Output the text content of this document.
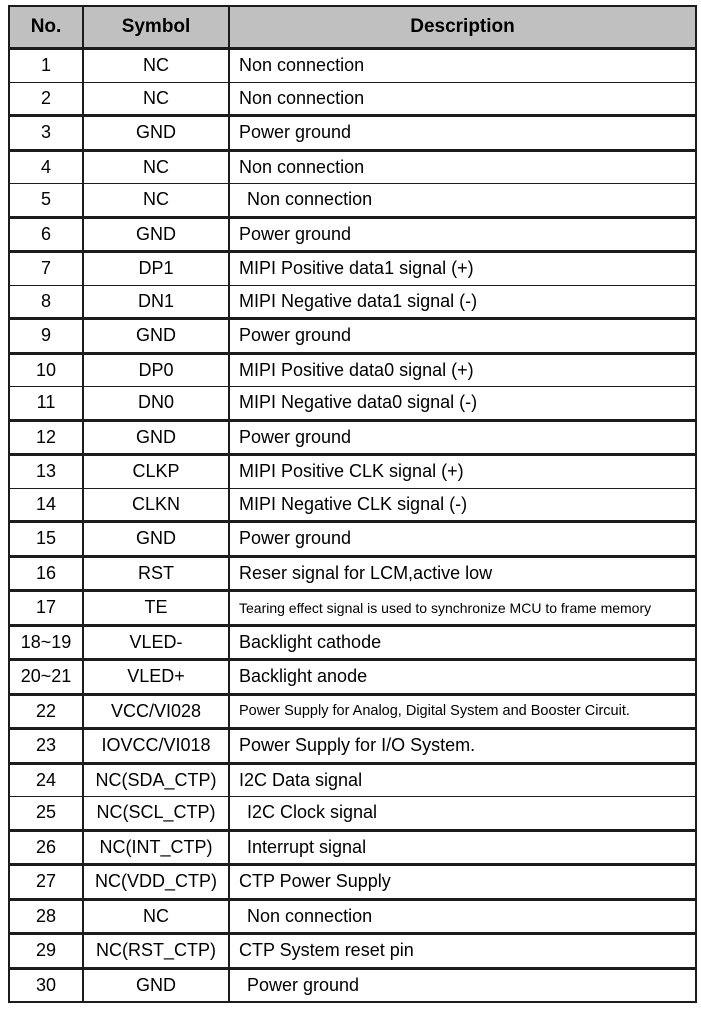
No.	Symbol	Description
1	NC	Non connection
2	NC	Non connection
3	GND	Power ground
4	NC	Non connection
5	NC	Non connection
6	GND	Power ground
7	DP1	MIPI Positive data1 signal (+)
8	DN1	MIPI Negative data1 signal (-)
9	GND	Power ground
10	DP0	MIPI Positive data0 signal (+)
11	DN0	MIPI Negative data0 signal (-)
12	GND	Power ground
13	CLKP	MIPI Positive CLK signal (+)
14	CLKN	MIPI Negative CLK signal (-)
15	GND	Power ground
16	RST	Reser signal for LCM,active low
17	TE	Tearing effect signal is used to synchronize MCU to frame memory
18~19	VLED-	Backlight cathode
20~21	VLED+	Backlight anode
22	VCC/VI028	Power Supply for Analog, Digital System and Booster Circuit.
23	IOVCC/VI018	Power Supply for I/O System.
24	NC(SDA_CTP)	I2C Data signal
25	NC(SCL_CTP)	I2C Clock signal
26	NC(INT_CTP)	Interrupt signal
27	NC(VDD_CTP)	CTP Power Supply
28	NC	Non connection
29	NC(RST_CTP)	CTP System reset pin
30	GND	Power ground
